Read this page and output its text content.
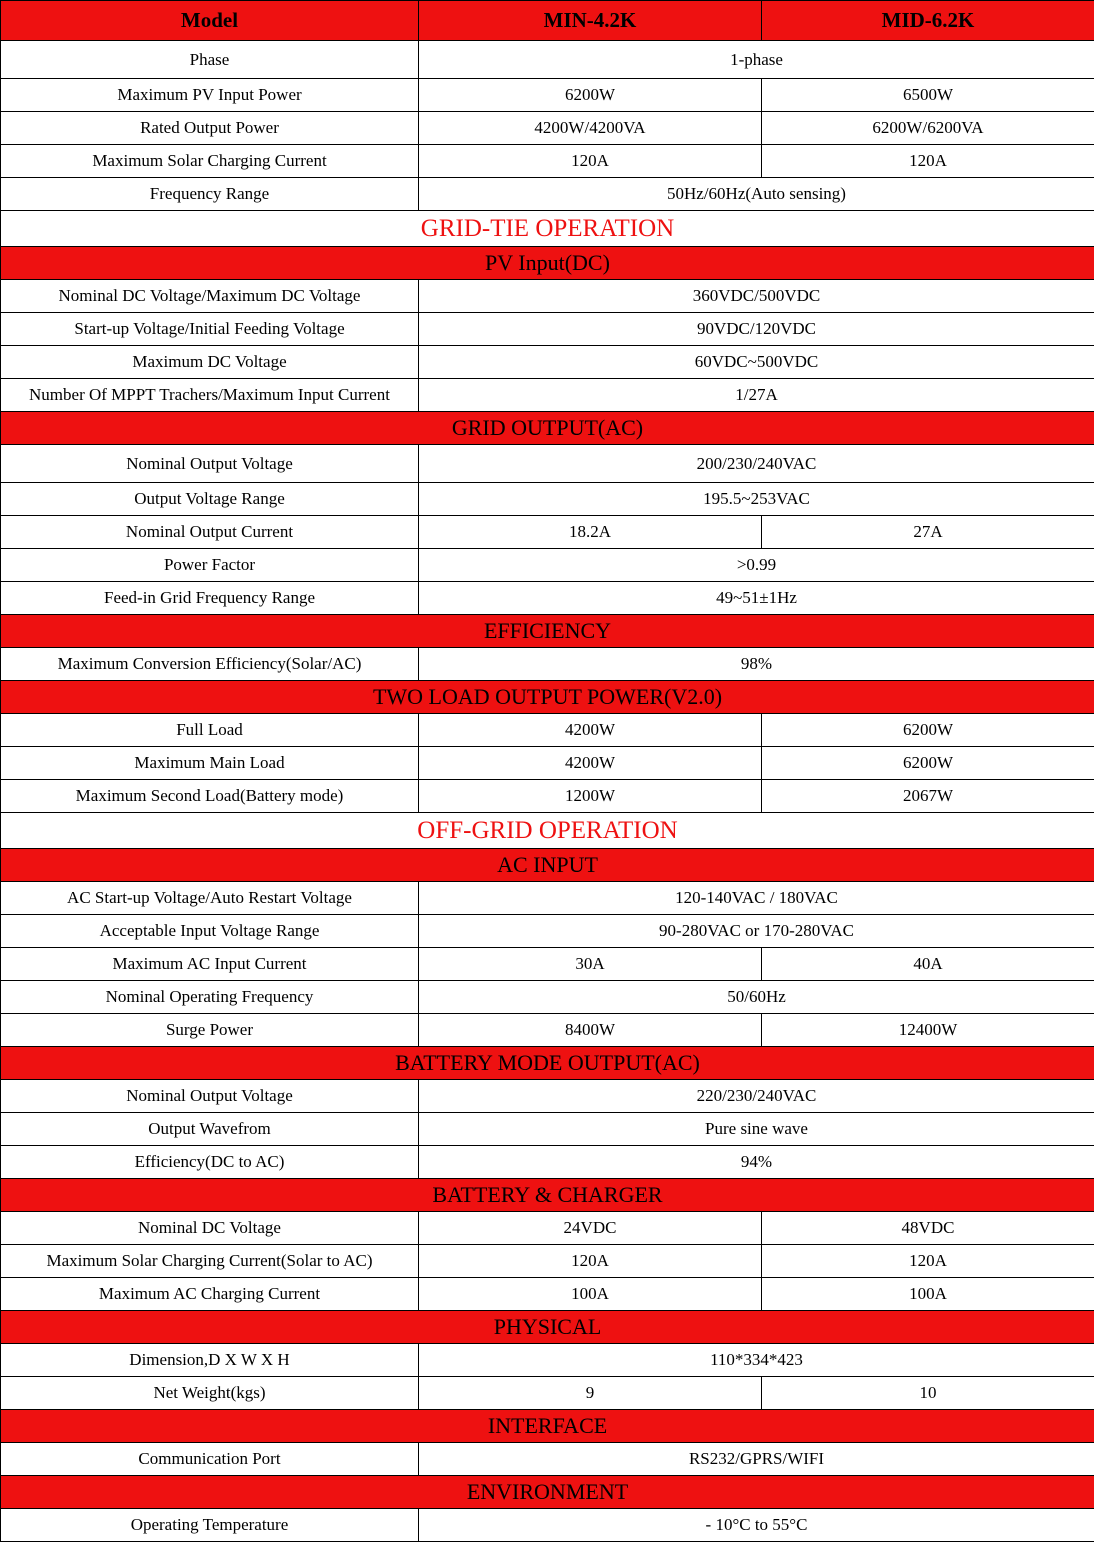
Model	MIN-4.2K	MID-6.2K
Phase	1-phase	
Maximum PV Input Power	6200W	6500W
Rated Output Power	4200W/4200VA	6200W/6200VA
Maximum Solar Charging Current	120A	120A
Frequency Range	50Hz/60Hz(Auto sensing)	
GRID-TIE OPERATION		
PV Input(DC)		
Nominal DC Voltage/Maximum DC Voltage	360VDC/500VDC	
Start-up Voltage/Initial Feeding Voltage	90VDC/120VDC	
Maximum DC Voltage	60VDC~500VDC	
Number Of MPPT Trachers/Maximum Input Current	1/27A	
GRID OUTPUT(AC)		
Nominal Output Voltage	200/230/240VAC	
Output Voltage Range	195.5~253VAC	
Nominal Output Current	18.2A	27A
Power Factor	>0.99	
Feed-in Grid Frequency Range	49~51±1Hz	
EFFICIENCY		
Maximum Conversion Efficiency(Solar/AC)	98%	
TWO LOAD OUTPUT POWER(V2.0)		
Full Load	4200W	6200W
Maximum Main Load	4200W	6200W
Maximum Second Load(Battery mode)	1200W	2067W
OFF-GRID OPERATION		
AC INPUT		
AC Start-up Voltage/Auto Restart Voltage	120-140VAC / 180VAC	
Acceptable Input Voltage Range	90-280VAC or 170-280VAC	
Maximum AC Input Current	30A	40A
Nominal Operating Frequency	50/60Hz	
Surge Power	8400W	12400W
BATTERY MODE OUTPUT(AC)		
Nominal Output Voltage	220/230/240VAC	
Output Wavefrom	Pure sine wave	
Efficiency(DC to AC)	94%	
BATTERY & CHARGER		
Nominal DC Voltage	24VDC	48VDC
Maximum Solar Charging Current(Solar to AC)	120A	120A
Maximum AC Charging Current	100A	100A
PHYSICAL		
Dimension,D X W X H	110*334*423	
Net Weight(kgs)	9	10
INTERFACE		
Communication Port	RS232/GPRS/WIFI	
ENVIRONMENT		
Operating Temperature	- 10°C to 55°C	
